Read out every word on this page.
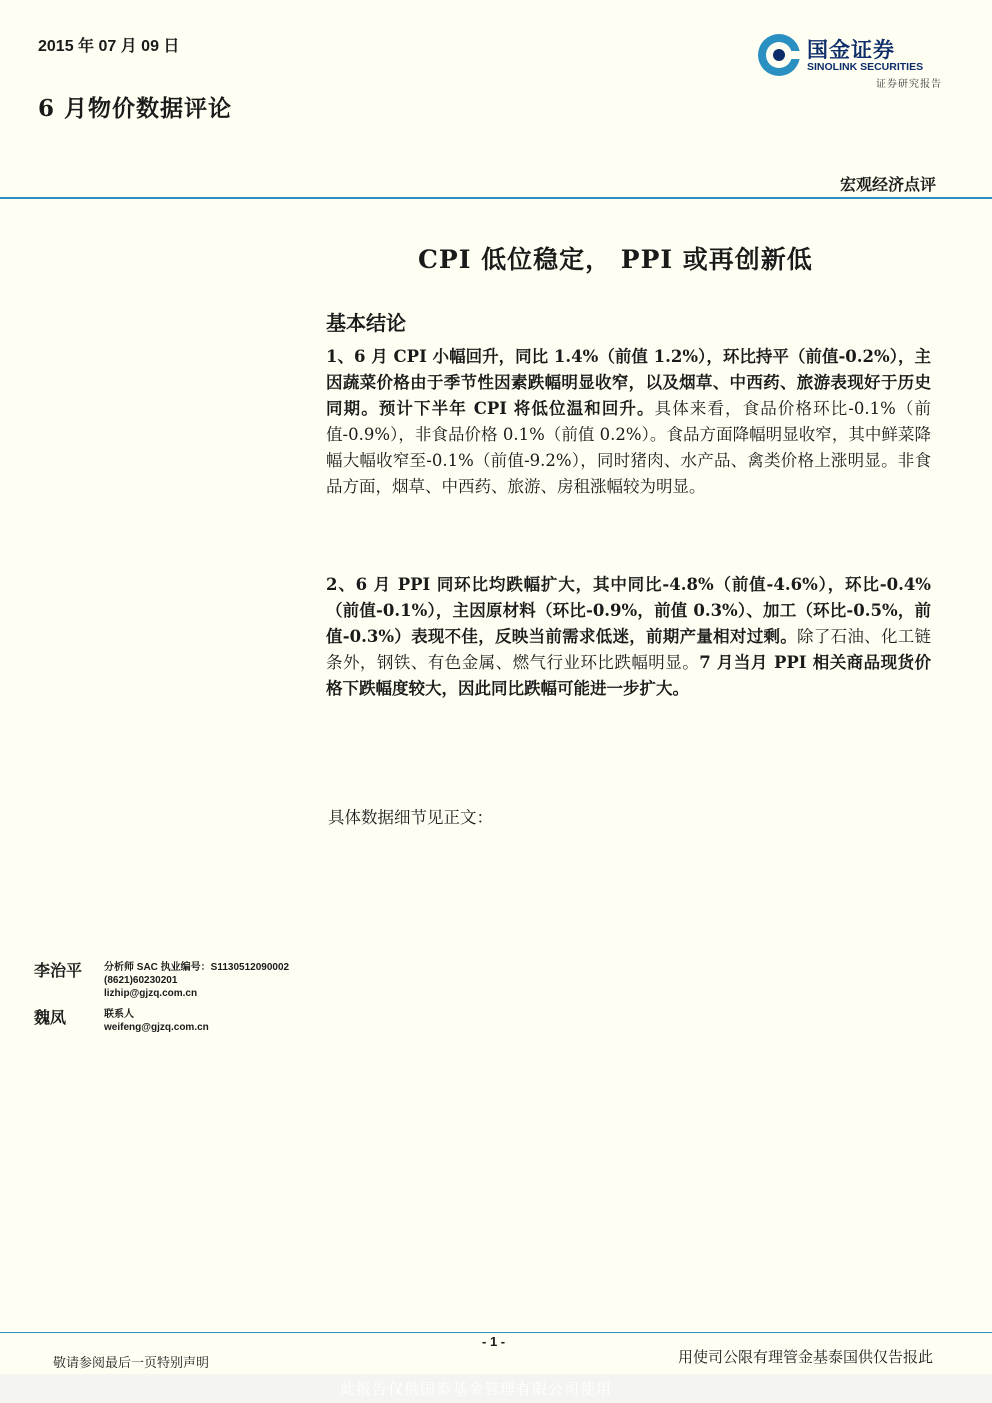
2015 年 07 月 09 日
6 月物价数据评论
国金证券
SINOLINK SECURITIES
证券研究报告
宏观经济点评
CPI 低位稳定， PPI 或再创新低
基本结论
1、6 月 CPI 小幅回升，同比 1.4%（前值 1.2%），环比持平（前值-0.2%），主因蔬菜价格由于季节性因素跌幅明显收窄，以及烟草、中西药、旅游表现好于历史同期。预计下半年 CPI 将低位温和回升。具体来看，食品价格环比-0.1%（前值-0.9%），非食品价格 0.1%（前值 0.2%）。食品方面降幅明显收窄，其中鲜菜降幅大幅收窄至-0.1%（前值-9.2%），同时猪肉、水产品、禽类价格上涨明显。非食品方面，烟草、中西药、旅游、房租涨幅较为明显。
2、6 月 PPI 同环比均跌幅扩大，其中同比-4.8%（前值-4.6%），环比-0.4%（前值-0.1%），主因原材料（环比-0.9%，前值 0.3%）、加工（环比-0.5%，前值-0.3%）表现不佳，反映当前需求低迷，前期产量相对过剩。除了石油、化工链条外，钢铁、有色金属、燃气行业环比跌幅明显。7 月当月 PPI 相关商品现货价格下跌幅度较大，因此同比跌幅可能进一步扩大。
具体数据细节见正文：
李治平 分析师 SAC 执业编号：S1130512090002
(8621)60230201
lizhip@gjzq.com.cn
魏凤	联系人
weifeng@gjzq.com.cn
- 1 -
敬请参阅最后一页特别声明	用使司公限有理管金基泰国供仅告报此
此报告仅供国泰基金管理有限公司使用
